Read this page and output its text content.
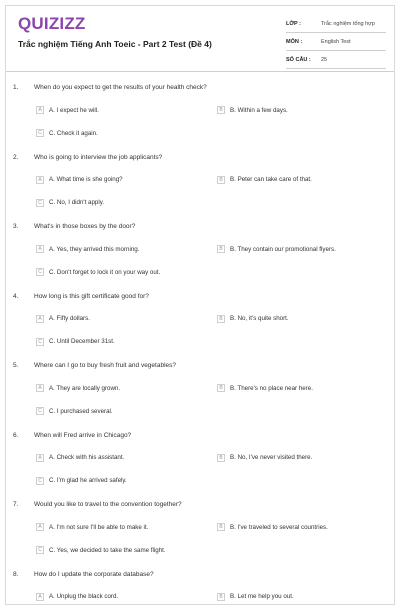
QUIZIZZ
Trắc nghiệm Tiếng Anh Toeic - Part 2 Test (Đề 4)
LỚP :	Trắc nghiệm tổng hợp
MÔN :	English Test
SỐ CÂU :	25
1. When do you expect to get the results of your health check?
A	A. I expect he will.	B	B. Within a few days.
C	C. Check it again.
2. Who is going to interview the job applicants?
A	A. What time is she going?	B	B. Peter can take care of that.
C	C. No, I didn't apply.
3. What's in those boxes by the door?
A	A. Yes, they arrived this morning.	B	B. They contain our promotional flyers.
C	C. Don't forget to lock it on your way out.
4. How long is this gift certificate good for?
A	A. Fifty dollars.	B	B. No, it's quite short.
C	C. Until December 31st.
5. Where can I go to buy fresh fruit and vegetables?
A	A. They are locally grown.	B	B. There's no place near here.
C	C. I purchased several.
6. When will Fred arrive in Chicago?
A	A. Check with his assistant.	B	B. No, I've never visited there.
C	C. I'm glad he arrived safely.
7. Would you like to travel to the convention together?
A	A. I'm not sure I'll be able to make it.	B	B. I've traveled to several countries.
C	C. Yes, we decided to take the same flight.
8. How do I update the corporate database?
A	A. Unplug the black cord.	B	B. Let me help you out.
